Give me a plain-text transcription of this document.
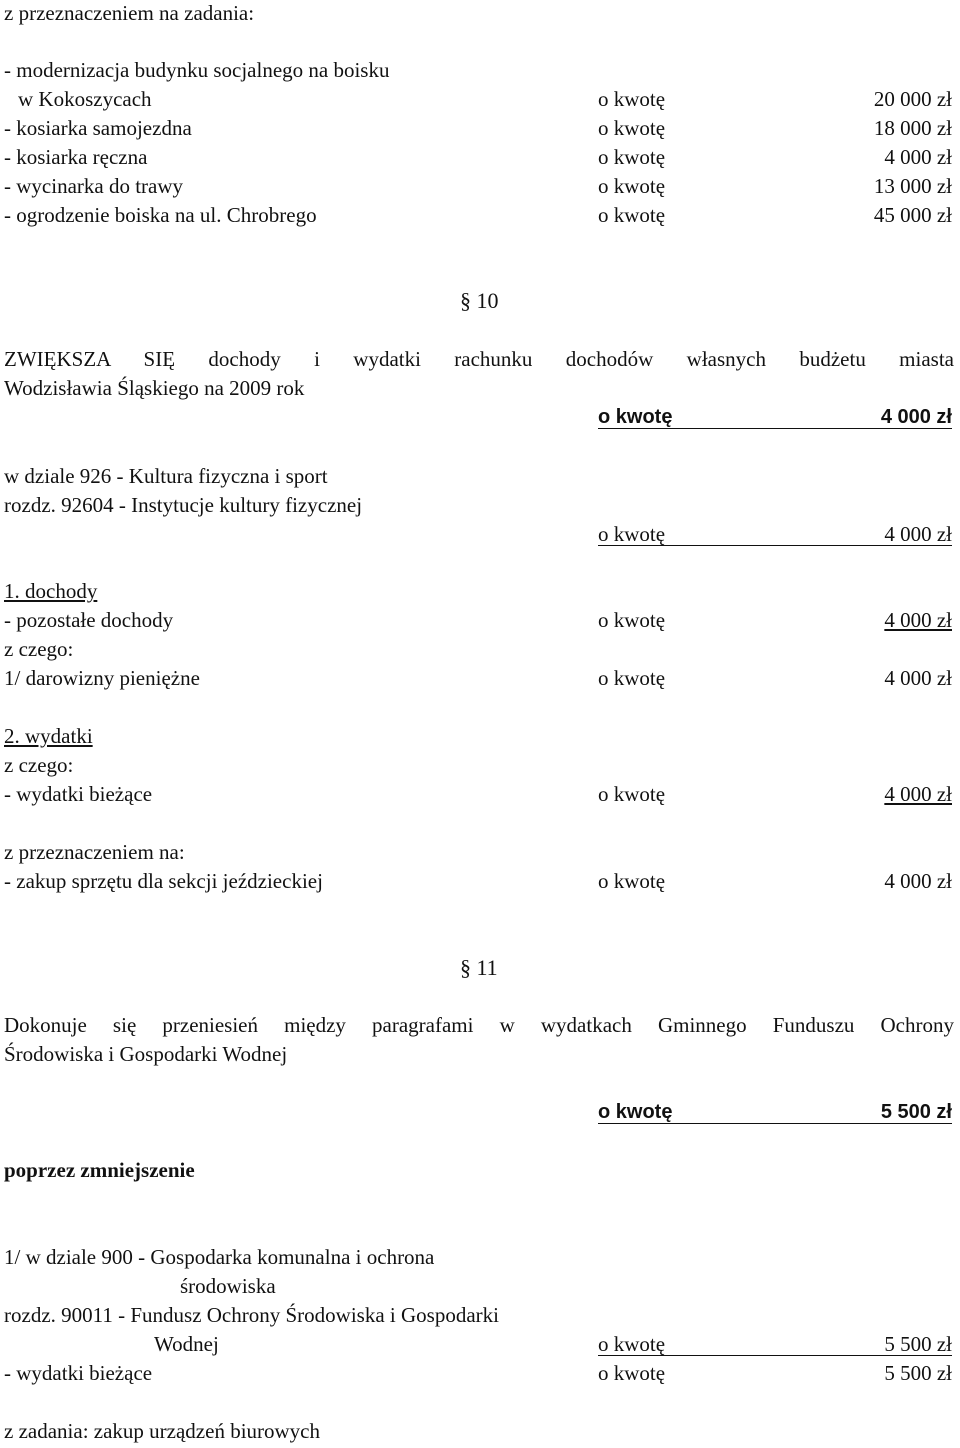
z przeznaczeniem na zadania:
- modernizacja budynku socjalnego na boisku
w Kokoszycach	o kwotę	20 000 zł
- kosiarka samojezdna	o kwotę	18 000 zł
- kosiarka ręczna	o kwotę	4 000 zł
- wycinarka do trawy	o kwotę	13 000 zł
- ogrodzenie boiska na ul. Chrobrego	o kwotę	45 000 zł
§ 10
ZWIĘKSZA SIĘ dochody i wydatki rachunku dochodów własnych budżetu miasta
Wodzisławia Śląskiego na 2009 rok
o kwotę	4 000 zł
w dziale 926 - Kultura fizyczna i sport
rozdz. 92604 - Instytucje kultury fizycznej
o kwotę	4 000 zł
1. dochody
- pozostałe dochody	o kwotę	4 000 zł
z czego:
1/ darowizny pieniężne	o kwotę	4 000 zł
2. wydatki
z czego:
- wydatki bieżące	o kwotę	4 000 zł
z przeznaczeniem na:
- zakup sprzętu dla sekcji jeździeckiej	o kwotę	4 000 zł
§ 11
Dokonuje się przeniesień między paragrafami w wydatkach Gminnego Funduszu Ochrony
Środowiska i Gospodarki Wodnej
o kwotę	5 500 zł
poprzez zmniejszenie
1/ w dziale 900 - Gospodarka komunalna i ochrona
środowiska
rozdz. 90011 - Fundusz Ochrony Środowiska i Gospodarki
Wodnej	o kwotę	5 500 zł
- wydatki bieżące	o kwotę	5 500 zł
z zadania: zakup urządzeń biurowych
